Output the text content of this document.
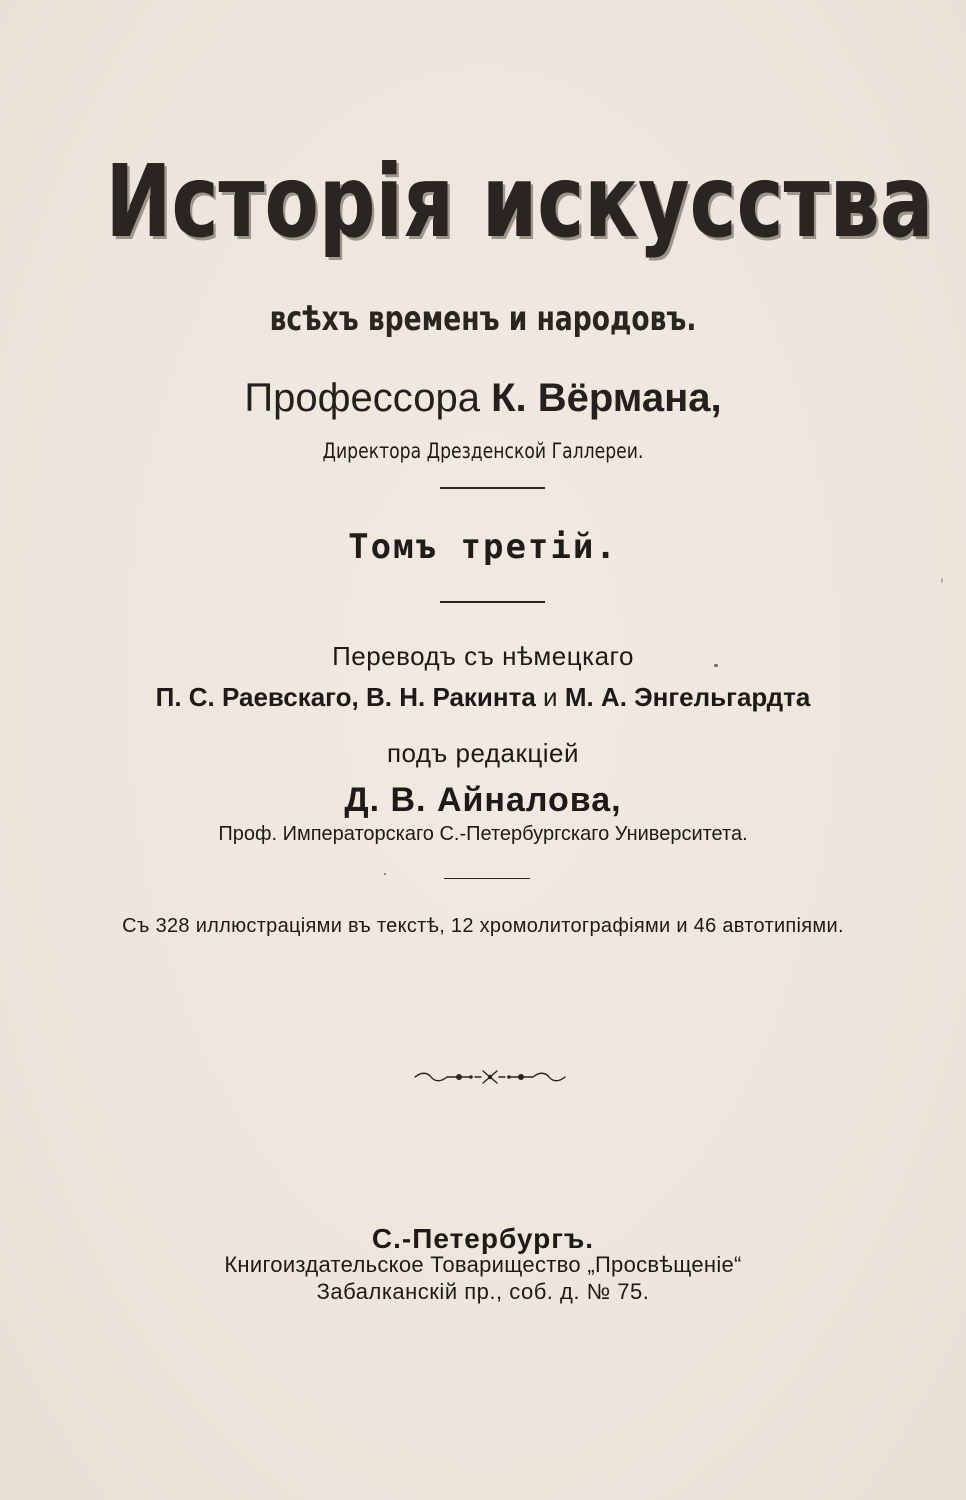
Исторія искусства
всѣхъ временъ и народовъ.
Профессора К. Вёрмана,
Директора Дрезденской Галлереи.
Томъ третій.
Переводъ съ нѣмецкаго
П. С. Раевскаго, В. Н. Ракинта и М. А. Энгельгардта
подъ редакціей
Д. В. Айналова,
Проф. Императорскаго С.-Петербургскаго Университета.
Съ 328 иллюстраціями въ текстѣ, 12 хромолитографіями и 46 автотипіями.
С.-Петербургъ.
Книгоиздательское Товарищество „Просвѣщеніе“
Забалканскій пр., соб. д. № 75.
